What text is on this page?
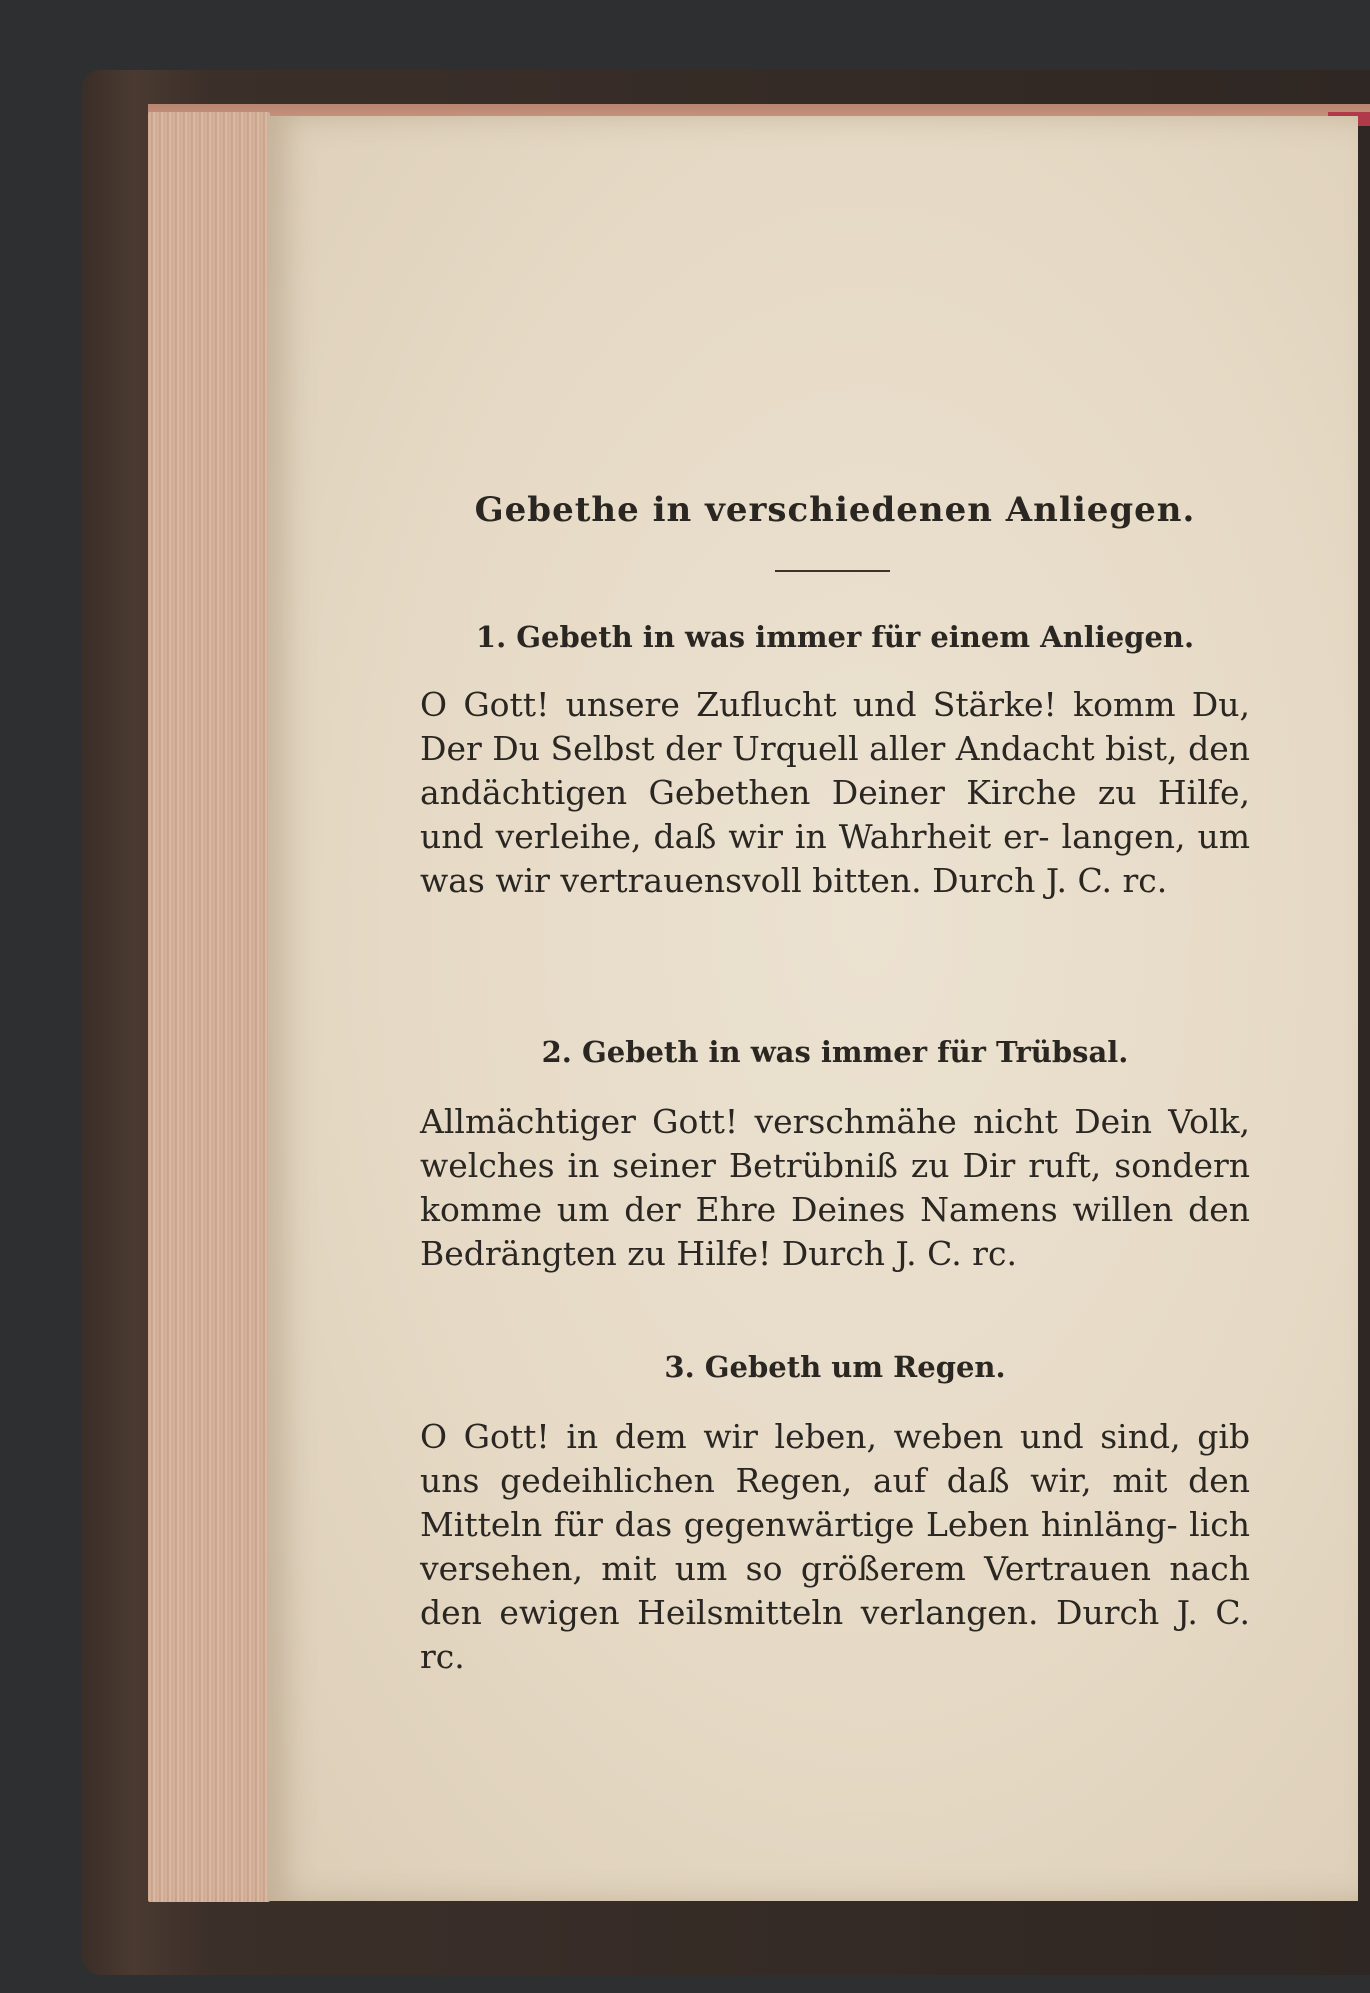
Gebethe in verschiedenen Anliegen.
1. Gebeth in was immer für einem Anliegen.

O Gott! unsere Zuflucht und Stärke! komm Du, Der Du Selbst der Urquell aller Andacht bist, den andächtigen Gebethen Deiner Kirche zu Hilfe, und verleihe, daß wir in Wahrheit er- langen, um was wir vertrauensvoll bitten. Durch J. C. rc.

2. Gebeth in was immer für Trübsal.

Allmächtiger Gott! verschmähe nicht Dein Volk, welches in seiner Betrübniß zu Dir ruft, sondern komme um der Ehre Deines Namens willen den Bedrängten zu Hilfe! Durch J. C. rc.

3. Gebeth um Regen.

O Gott! in dem wir leben, weben und sind, gib uns gedeihlichen Regen, auf daß wir, mit den Mitteln für das gegenwärtige Leben hinläng- lich versehen, mit um so größerem Vertrauen nach den ewigen Heilsmitteln verlangen. Durch J. C. rc.
